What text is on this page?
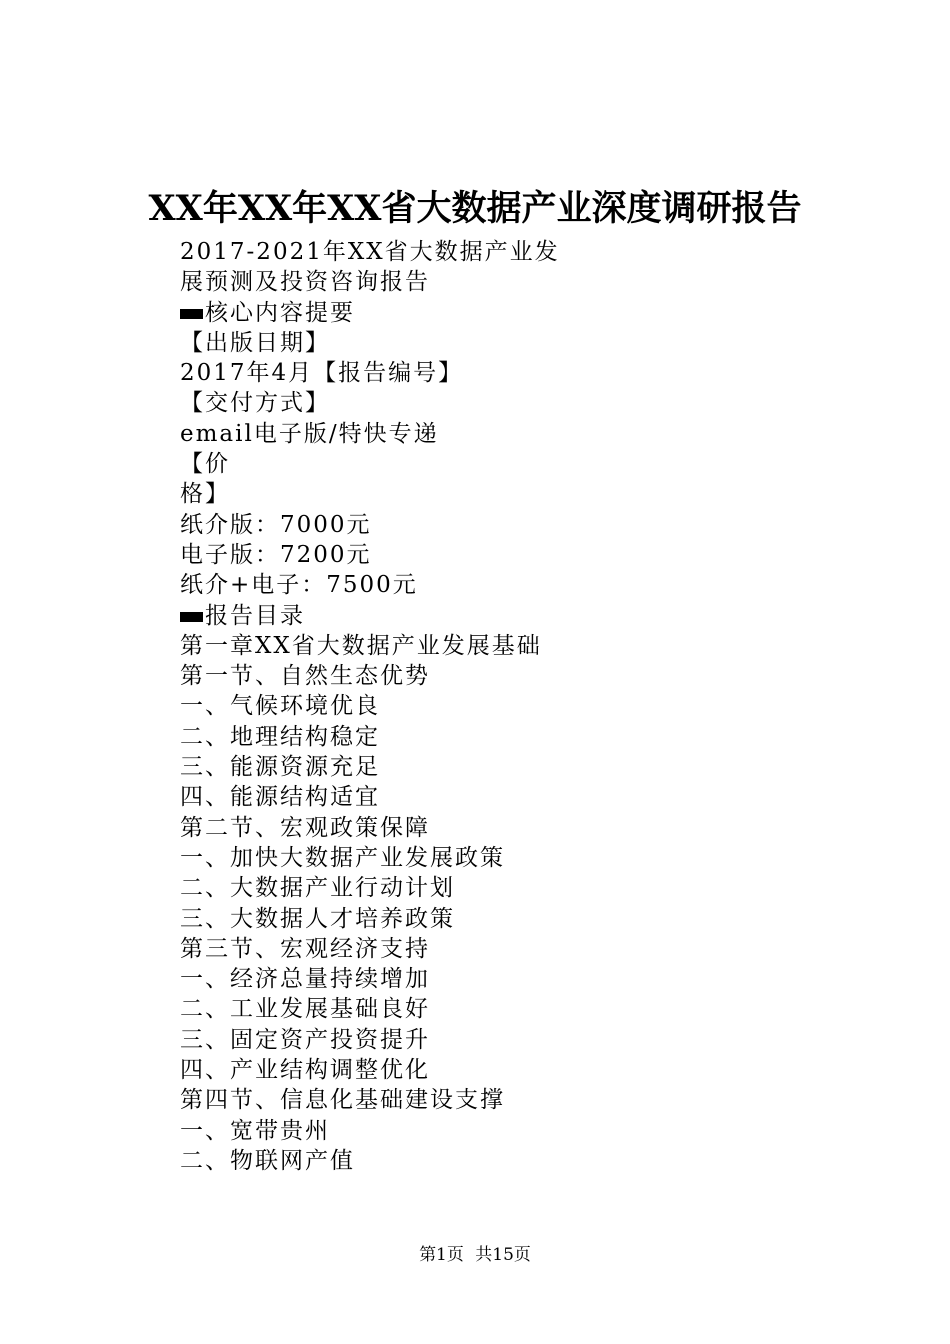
XX年XX年XX省大数据产业深度调研报告
2017-2021年XX省大数据产业发
展预测及投资咨询报告
核心内容提要
【出版日期】
2017年4月【报告编号】
【交付方式】
email电子版/特快专递
【价
格】
纸介版：7000元
电子版：7200元
纸介+电子：7500元
报告目录
第一章XX省大数据产业发展基础
第一节、自然生态优势
一、气候环境优良
二、地理结构稳定
三、能源资源充足
四、能源结构适宜
第二节、宏观政策保障
一、加快大数据产业发展政策
二、大数据产业行动计划
三、大数据人才培养政策
第三节、宏观经济支持
一、经济总量持续增加
二、工业发展基础良好
三、固定资产投资提升
四、产业结构调整优化
第四节、信息化基础建设支撑
一、宽带贵州
二、物联网产值
第1页 共15页
